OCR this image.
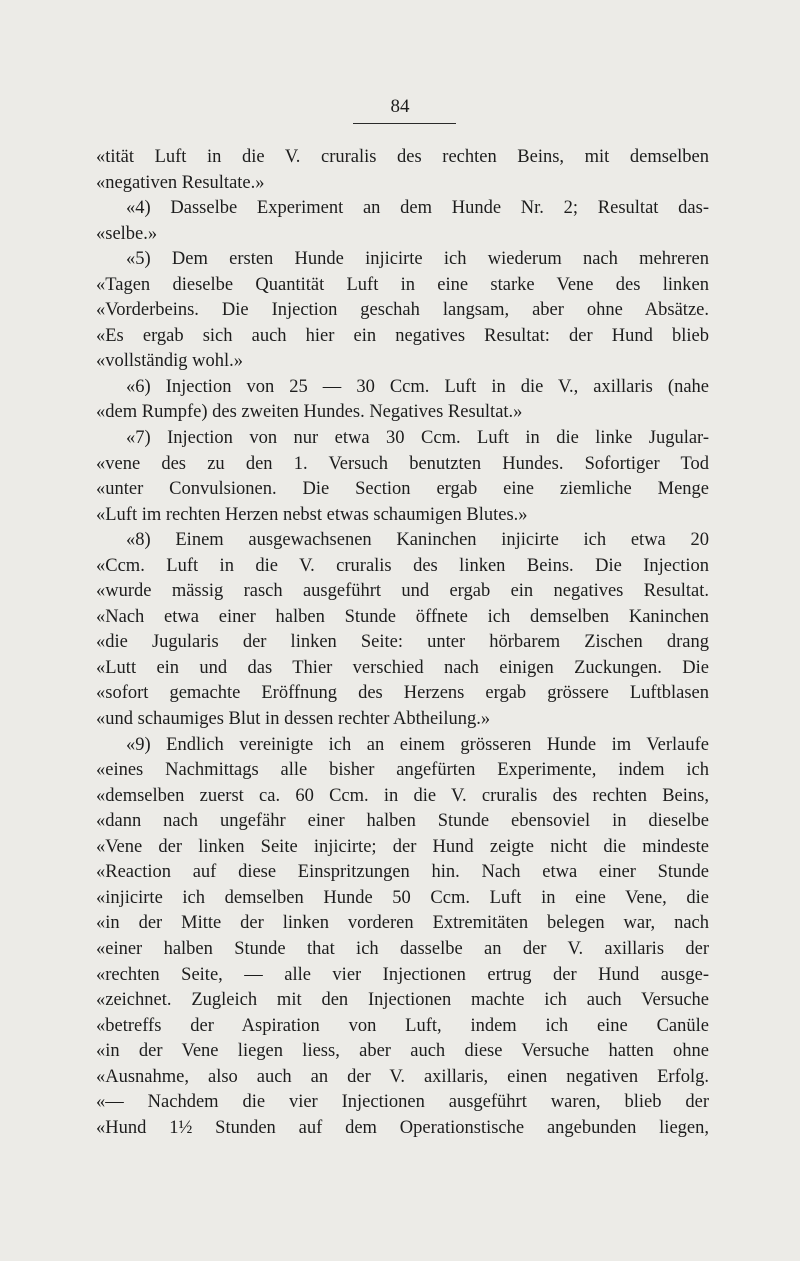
84
«tität Luft in die V. cruralis des rechten Beins, mit demselben
«negativen Resultate.»
«4) Dasselbe Experiment an dem Hunde Nr. 2; Resultat das-
«selbe.»
«5) Dem ersten Hunde injicirte ich wiederum nach mehreren
«Tagen dieselbe Quantität Luft in eine starke Vene des linken
«Vorderbeins. Die Injection geschah langsam, aber ohne Absätze.
«Es ergab sich auch hier ein negatives Resultat: der Hund blieb
«vollständig wohl.»
«6) Injection von 25 — 30 Ccm. Luft in die V., axillaris (nahe
«dem Rumpfe) des zweiten Hundes. Negatives Resultat.»
«7) Injection von nur etwa 30 Ccm. Luft in die linke Jugular-
«vene des zu den 1. Versuch benutzten Hundes. Sofortiger Tod
«unter Convulsionen. Die Section ergab eine ziemliche Menge
«Luft im rechten Herzen nebst etwas schaumigen Blutes.»
«8) Einem ausgewachsenen Kaninchen injicirte ich etwa 20
«Ccm. Luft in die V. cruralis des linken Beins. Die Injection
«wurde mässig rasch ausgeführt und ergab ein negatives Resultat.
«Nach etwa einer halben Stunde öffnete ich demselben Kaninchen
«die Jugularis der linken Seite: unter hörbarem Zischen drang
«Lutt ein und das Thier verschied nach einigen Zuckungen. Die
«sofort gemachte Eröffnung des Herzens ergab grössere Luftblasen
«und schaumiges Blut in dessen rechter Abtheilung.»
«9) Endlich vereinigte ich an einem grösseren Hunde im Verlaufe
«eines Nachmittags alle bisher angefürten Experimente, indem ich
«demselben zuerst ca. 60 Ccm. in die V. cruralis des rechten Beins,
«dann nach ungefähr einer halben Stunde ebensoviel in dieselbe
«Vene der linken Seite injicirte; der Hund zeigte nicht die mindeste
«Reaction auf diese Einspritzungen hin. Nach etwa einer Stunde
«injicirte ich demselben Hunde 50 Ccm. Luft in eine Vene, die
«in der Mitte der linken vorderen Extremitäten belegen war, nach
«einer halben Stunde that ich dasselbe an der V. axillaris der
«rechten Seite, — alle vier Injectionen ertrug der Hund ausge-
«zeichnet. Zugleich mit den Injectionen machte ich auch Versuche
«betreffs der Aspiration von Luft, indem ich eine Canüle
«in der Vene liegen liess, aber auch diese Versuche hatten ohne
«Ausnahme, also auch an der V. axillaris, einen negativen Erfolg.
«— Nachdem die vier Injectionen ausgeführt waren, blieb der
«Hund 1½ Stunden auf dem Operationstische angebunden liegen,
